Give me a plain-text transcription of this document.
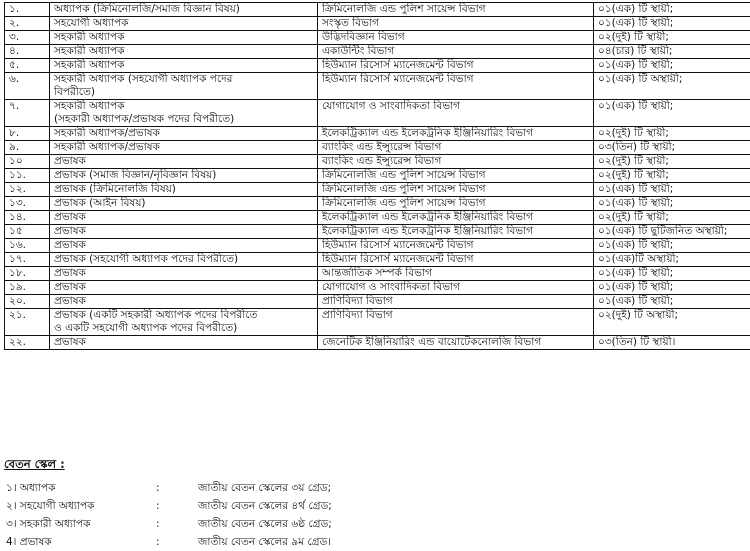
১.	অধ্যাপক (ক্রিমিনোলজি/সমাজ বিজ্ঞান বিষয়)	ক্রিমিনোলজি এন্ড পুলিশ সায়েন্স বিভাগ	০১(এক) টি স্থায়ী;
২.	সহযোগী অধ্যাপক	সংস্কৃত বিভাগ	০১(এক) টি স্থায়ী;
৩.	সহকারী অধ্যাপক	উদ্ভিদবিজ্ঞান বিভাগ	০২(দুই) টি স্থায়ী;
৪.	সহকারী অধ্যাপক	একাউন্টিং বিভাগ	০৪(চার) টি স্থায়ী;
৫.	সহকারী অধ্যাপক	হিউম্যান রিসোর্স ম্যানেজমেন্ট বিভাগ	০১(এক) টি স্থায়ী;
৬.	সহকারী অধ্যাপক (সহযোগী অধ্যাপক পদের
বিপরীতে)	হিউম্যান রিসোর্স ম্যানেজমেন্ট বিভাগ	০১(এক) টি অস্থায়ী;
৭.	সহকারী অধ্যাপক
(সহকারী অধ্যাপক/প্রভাষক পদের বিপরীতে)	যোগাযোগ ও সাংবাদিকতা বিভাগ	০১(এক) টি স্থায়ী;
৮.	সহকারী অধ্যাপক/প্রভাষক	ইলেকট্রিক্যাল এন্ড ইলেকট্রনিক ইঞ্জিনিয়ারিং বিভাগ	০২(দুই) টি স্থায়ী;
৯.	সহকারী অধ্যাপক/প্রভাষক	ব্যাংকিং এন্ড ইন্স্যুরেন্স বিভাগ	০৩(তিন) টি স্থায়ী;
১০	প্রভাষক	ব্যাংকিং এন্ড ইন্স্যুরেন্স বিভাগ	০২(দুই) টি স্থায়ী;
১১.	প্রভাষক (সমাজ বিজ্ঞান/নৃবিজ্ঞান বিষয়)	ক্রিমিনোলজি এন্ড পুলিশ সায়েন্স বিভাগ	০২(দুই) টি স্থায়ী;
১২.	প্রভাষক (ক্রিমিনোলজি বিষয়)	ক্রিমিনোলজি এন্ড পুলিশ সায়েন্স বিভাগ	০১(এক) টি স্থায়ী;
১৩.	প্রভাষক (আইন বিষয়)	ক্রিমিনোলজি এন্ড পুলিশ সায়েন্স বিভাগ	০১(এক) টি স্থায়ী;
১৪.	প্রভাষক	ইলেকট্রিক্যাল এন্ড ইলেকট্রনিক ইঞ্জিনিয়ারিং বিভাগ	০২(দুই) টি স্থায়ী;
১৫	প্রভাষক	ইলেকট্রিক্যাল এন্ড ইলেকট্রনিক ইঞ্জিনিয়ারিং বিভাগ	০১(এক) টি ছুটিজনিত অস্থায়ী;
১৬.	প্রভাষক	হিউম্যান রিসোর্স ম্যানেজমেন্ট বিভাগ	০১(এক) টি স্থায়ী;
১৭.	প্রভাষক (সহযোগী অধ্যাপক পদের বিপরীতে)	হিউম্যান রিসোর্স ম্যানেজমেন্ট বিভাগ	০১(এক)টি অস্থায়ী;
১৮.	প্রভাষক	আন্তর্জাতিক সম্পর্ক বিভাগ	০১(এক) টি স্থায়ী;
১৯.	প্রভাষক	যোগাযোগ ও সাংবাদিকতা বিভাগ	০১(এক) টি স্থায়ী;
২০.	প্রভাষক	প্রাণিবিদ্যা বিভাগ	০১(এক) টি স্থায়ী;
২১.	প্রভাষক (একটি সহকারী অধ্যাপক পদের বিপরীতে
ও একটি সহযোগী অধ্যাপক পদের বিপরীতে)	প্রাণিবিদ্যা বিভাগ	০২(দুই) টি অস্থায়ী;
২২.	প্রভাষক	জেনেটিক ইঞ্জিনিয়ারিং এন্ড বায়োটেকনোলজি বিভাগ	০৩(তিন) টি স্থায়ী।
বেতন স্কেল :
১। অধ্যাপক	:	জাতীয় বেতন স্কেলের ৩য় গ্রেড;
২। সহযোগী অধ্যাপক	:	জাতীয় বেতন স্কেলের ৪র্থ গ্রেড;
৩। সহকারী অধ্যাপক	:	জাতীয় বেতন স্কেলের ৬ষ্ঠ গ্রেড;
4। প্রভাষক	:	জাতীয় বেতন স্কেলের ৯ম গ্রেড।
